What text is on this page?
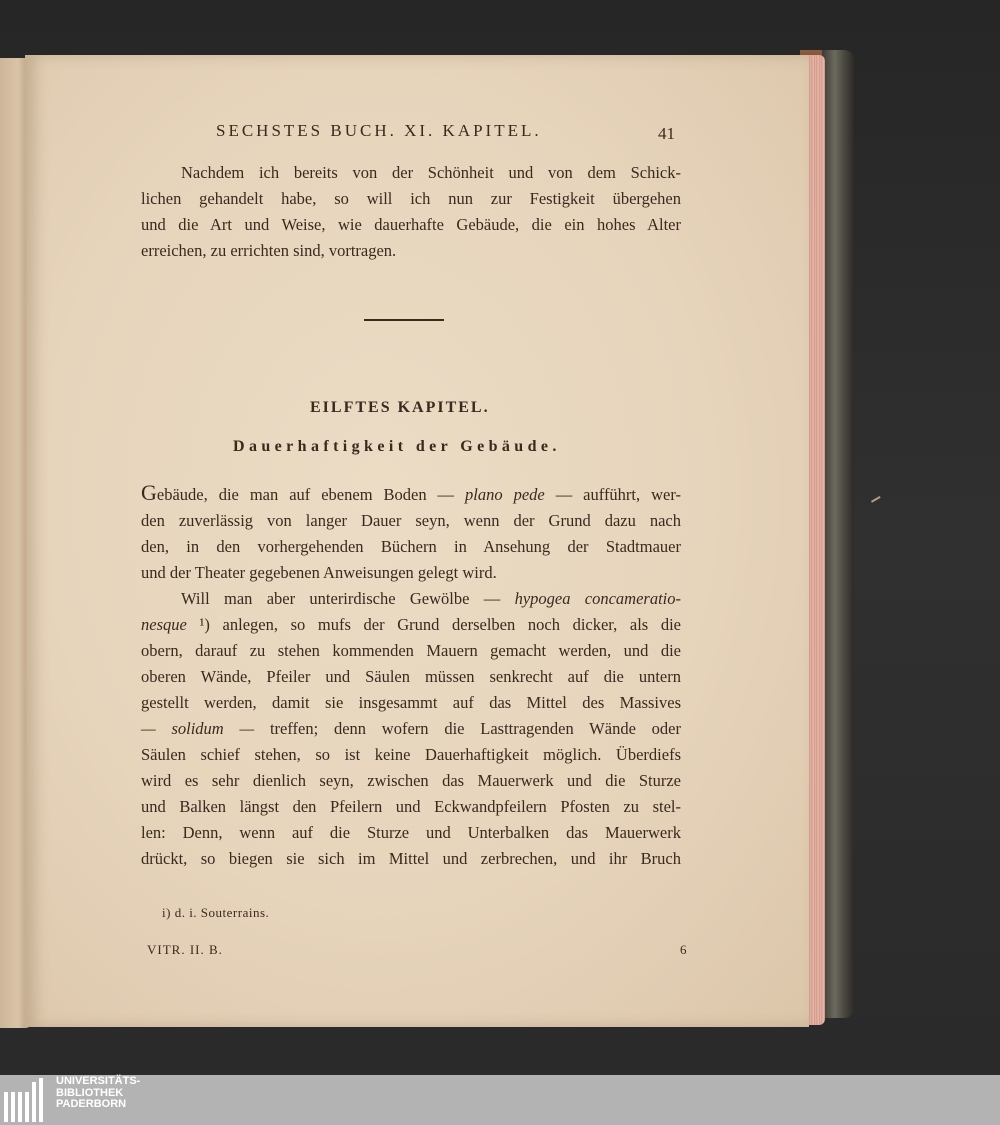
SECHSTES BUCH. XI. KAPITEL.	41
Nachdem ich bereits von der Schönheit und von dem Schick-
lichen gehandelt habe, so will ich nun zur Festigkeit übergehen
und die Art und Weise, wie dauerhafte Gebäude, die ein hohes Alter
erreichen, zu errichten sind, vortragen.
EILFTES KAPITEL.
Dauerhaftigkeit der Gebäude.
Gebäude, die man auf ebenem Boden — plano pede — aufführt, wer-
den zuverlässig von langer Dauer seyn, wenn der Grund dazu nach
den, in den vorhergehenden Büchern in Ansehung der Stadtmauer
und der Theater gegebenen Anweisungen gelegt wird.
Will man aber unterirdische Gewölbe — hypogea concameratio-
nesque ¹) anlegen, so mufs der Grund derselben noch dicker, als die
obern, darauf zu stehen kommenden Mauern gemacht werden, und die
oberen Wände, Pfeiler und Säulen müssen senkrecht auf die untern
gestellt werden, damit sie insgesammt auf das Mittel des Massives
— solidum — treffen; denn wofern die Lasttragenden Wände oder
Säulen schief stehen, so ist keine Dauerhaftigkeit möglich. Überdiefs
wird es sehr dienlich seyn, zwischen das Mauerwerk und die Sturze
und Balken längst den Pfeilern und Eckwandpfeilern Pfosten zu stel-
len: Denn, wenn auf die Sturze und Unterbalken das Mauerwerk
drückt, so biegen sie sich im Mittel und zerbrechen, und ihr Bruch
i) d. i. Souterrains.
VITR. II. B.	6
UNIVERSITÄTS-
BIBLIOTHEK
PADERBORN
